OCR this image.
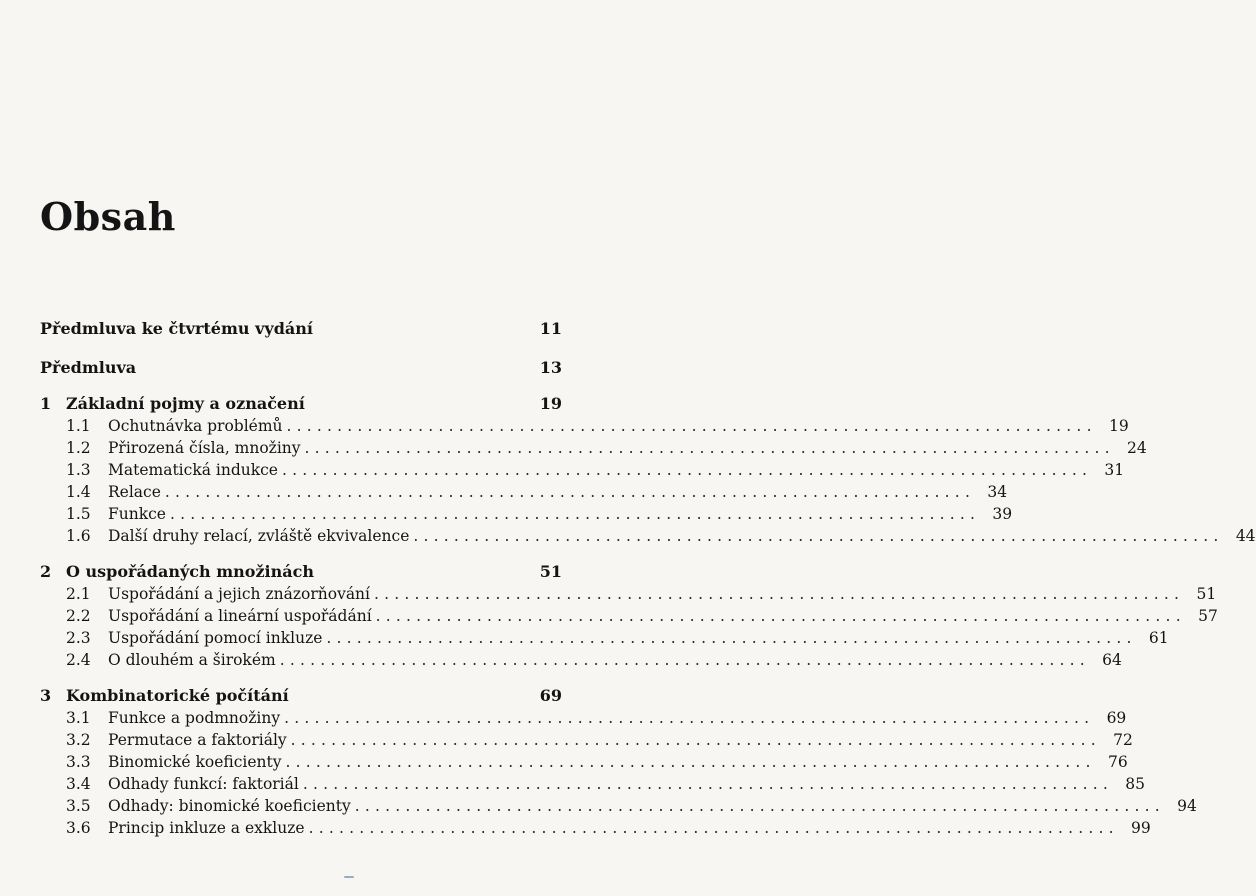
Obsah
Předmluva ke čtvrtému vydání	11
Předmluva	13
1 Základní pojmy a označení	19
1.1	Ochutnávka problémů ................................................................................ 19
1.2	Přirozená čísla, množiny ................................................................................ 24
1.3	Matematická indukce ................................................................................ 31
1.4	Relace ................................................................................ 34
1.5	Funkce ................................................................................ 39
1.6	Další druhy relací, zvláště ekvivalence ................................................................................ 44
2 O uspořádaných množinách	51
2.1	Uspořádání a jejich znázorňování ................................................................................ 51
2.2	Uspořádání a lineární uspořádání ................................................................................ 57
2.3	Uspořádání pomocí inkluze ................................................................................ 61
2.4	O dlouhém a širokém ................................................................................ 64
3 Kombinatorické počítání	69
3.1	Funkce a podmnožiny ................................................................................ 69
3.2	Permutace a faktoriály ................................................................................ 72
3.3	Binomické koeficienty ................................................................................ 76
3.4	Odhady funkcí: faktoriál ................................................................................ 85
3.5	Odhady: binomické koeficienty ................................................................................ 94
3.6	Princip inkluze a exkluze ................................................................................ 99
